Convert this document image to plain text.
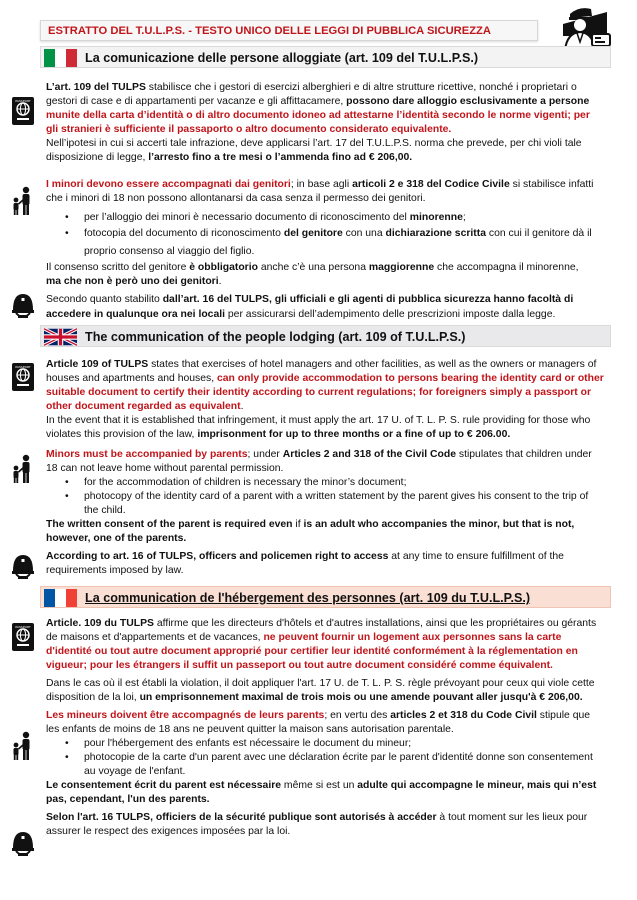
ESTRATTO DEL T.U.L.P.S. - TESTO UNICO DELLE LEGGI DI PUBBLICA SICUREZZA
La comunicazione delle persone alloggiate (art. 109 del T.U.L.P.S.)
PASSPORT

L’art. 109 del TULPS stabilisce che i gestori di esercizi alberghieri e di altre strutture ricettive, nonché i proprietari o gestori di case e di appartamenti per vacanze e gli affittacamere, possono dare alloggio esclusivamente a persone munite della carta d’identità o di altro documento idoneo ad attestarne l’identità secondo le norme vigenti; per gli stranieri è sufficiente il passaporto o altro documento considerato equivalente.

Nell’ipotesi in cui si accerti tale infrazione, deve applicarsi l’art. 17 del T.U.L.P.S. norma che prevede, per chi violi tale disposizione di legge, l’arresto fino a tre mesi o l’ammenda fino ad € 206,00.

I minori devono essere accompagnati dai genitori; in base agli articoli 2 e 318 del Codice Civile si stabilisce infatti che i minori di 18 non possono allontanarsi da casa senza il permesso dei genitori.

• per l’alloggio dei minori è necessario documento di riconoscimento del minorenne;
• fotocopia del documento di riconoscimento del genitore con una dichiarazione scritta con cui il genitore dà il proprio consenso al viaggio del figlio.

Il consenso scritto del genitore è obbligatorio anche c’è una persona maggiorenne che accompagna il minorenne,
ma che non è però uno dei genitori.

Secondo quanto stabilito dall’art. 16 del TULPS, gli ufficiali e gli agenti di pubblica sicurezza hanno facoltà di accedere in qualunque ora nei locali per assicurarsi dell’adempimento delle prescrizioni imposte dalla legge.

The communication of the people lodging (art. 109 of T.U.L.P.S.)
PASSPORT Article 109 of TULPS states that exercises of hotel managers and other facilities, as well as the owners or managers of houses and apartments and houses, can only provide accommodation to persons bearing the identity card or other suitable document to certify their identity according to current regulations; for foreigners simply a passport or other document regarded as equivalent.

In the event that it is established that infringement, it must apply the art. 17 U. of T. L. P. S. rule providing for those who violates this provision of the law, imprisonment for up to three months or a fine of up to € 206.00.

Minors must be accompanied by parents; under Articles 2 and 318 of the Civil Code stipulates that children under 18 can not leave home without parental permission.

• for the accommodation of children is necessary the minor’s document;
• photocopy of the identity card of a parent with a written statement by the parent gives his consent to the trip of the child.

The written consent of the parent is required even if is an adult who accompanies the minor, but that is not, however, one of the parents.

According to art. 16 of TULPS, officers and policemen right to access at any time to ensure fulfillment of the requirements imposed by law.

La communication de l'hébergement des personnes (art. 109 du T.U.L.P.S.)
PASSPORT Article. 109 du TULPS affirme que les directeurs d'hôtels et d'autres installations, ainsi que les propriétaires ou gérants de maisons et d'appartements et de vacances, ne peuvent fournir un logement aux personnes sans la carte d'identité ou tout autre document approprié pour certifier leur identité conformément à la réglementation en vigueur; pour les étrangers il suffit un passeport ou tout autre document considéré comme équivalent.

Dans le cas où il est établi la violation, il doit appliquer l'art. 17 U. de T. L. P. S. règle prévoyant pour ceux qui viole cette disposition de la loi, un emprisonnement maximal de trois mois ou une amende pouvant aller jusqu'à € 206,00.

Les mineurs doivent être accompagnés de leurs parents; en vertu des articles 2 et 318 du Code Civil stipule que les enfants de moins de 18 ans ne peuvent quitter la maison sans autorisation parentale.

• pour l'hébergement des enfants est nécessaire le document du mineur;
• photocopie de la carte d'un parent avec une déclaration écrite par le parent d'identité donne son consentement au voyage de l'enfant.

Le consentement écrit du parent est nécessaire même si est un adulte qui accompagne le mineur, mais qui n’est pas, cependant, l'un des parents.

Selon l'art. 16 TULPS, officiers de la sécurité publique sont autorisés à accéder à tout moment sur les lieux pour assurer le respect des exigences imposées par la loi.
